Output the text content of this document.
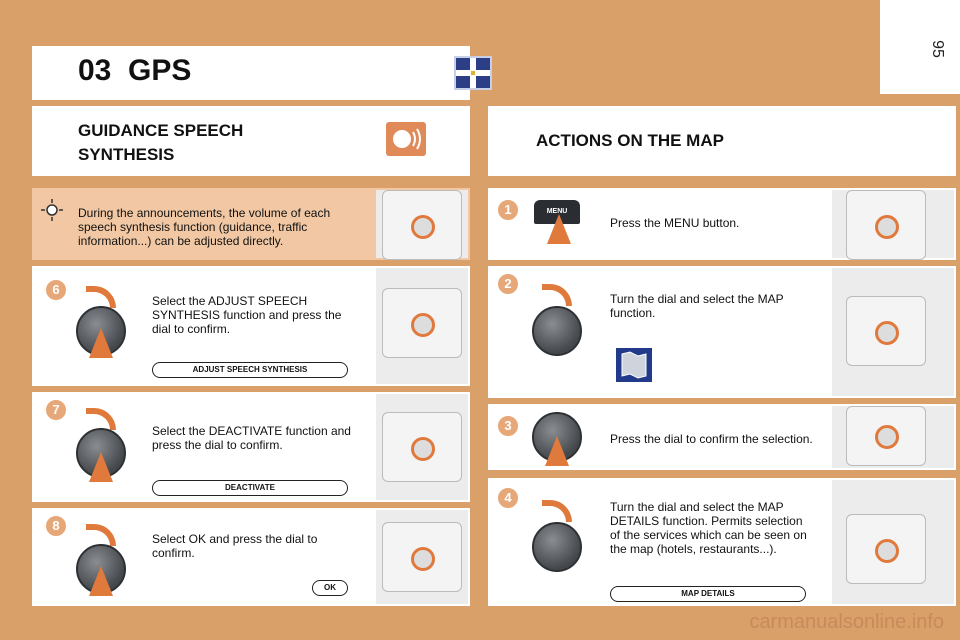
95
03 GPS
GUIDANCE SPEECH
SYNTHESIS
ACTIONS ON THE MAP
During the announcements, the volume of each speech synthesis function (guidance, traffic information...) can be adjusted directly.
6
Select the ADJUST SPEECH SYNTHESIS function and press the dial to confirm.
ADJUST SPEECH SYNTHESIS
7
Select the DEACTIVATE function and press the dial to confirm.
DEACTIVATE
8
Select OK and press the dial to confirm.
OK
1	MENU
Press the MENU button.
2
Turn the dial and select the MAP function.
3
Press the dial to confirm the selection.
4
Turn the dial and select the MAP DETAILS function. Permits selection of the services which can be seen on the map (hotels, restaurants...).
MAP DETAILS
carmanualsonline.info
